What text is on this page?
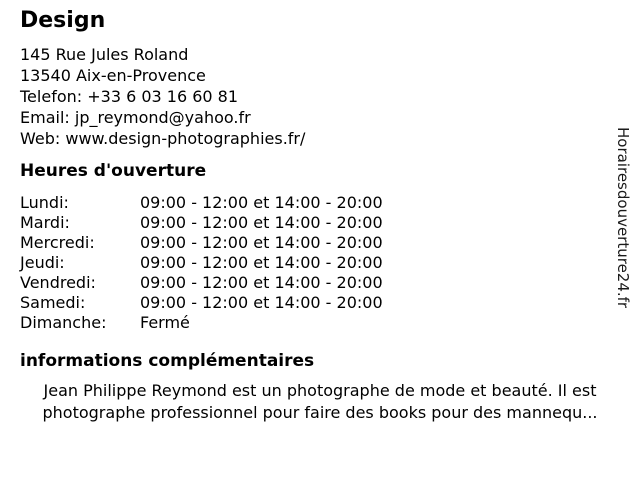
Design
145 Rue Jules Roland
13540 Aix-en-Provence
Telefon: +33 6 03 16 60 81
Email: jp_reymond@yahoo.fr
Web: www.design-photographies.fr/
Heures d'ouverture
Lundi:	09:00 - 12:00 et 14:00 - 20:00
Mardi:	09:00 - 12:00 et 14:00 - 20:00
Mercredi:	09:00 - 12:00 et 14:00 - 20:00
Jeudi:	09:00 - 12:00 et 14:00 - 20:00
Vendredi:	09:00 - 12:00 et 14:00 - 20:00
Samedi:	09:00 - 12:00 et 14:00 - 20:00
Dimanche:	Fermé
informations complémentaires
Jean Philippe Reymond est un photographe de mode et beauté. Il est
photographe professionnel pour faire des books pour des mannequ...
Horairesdouverture24.fr
